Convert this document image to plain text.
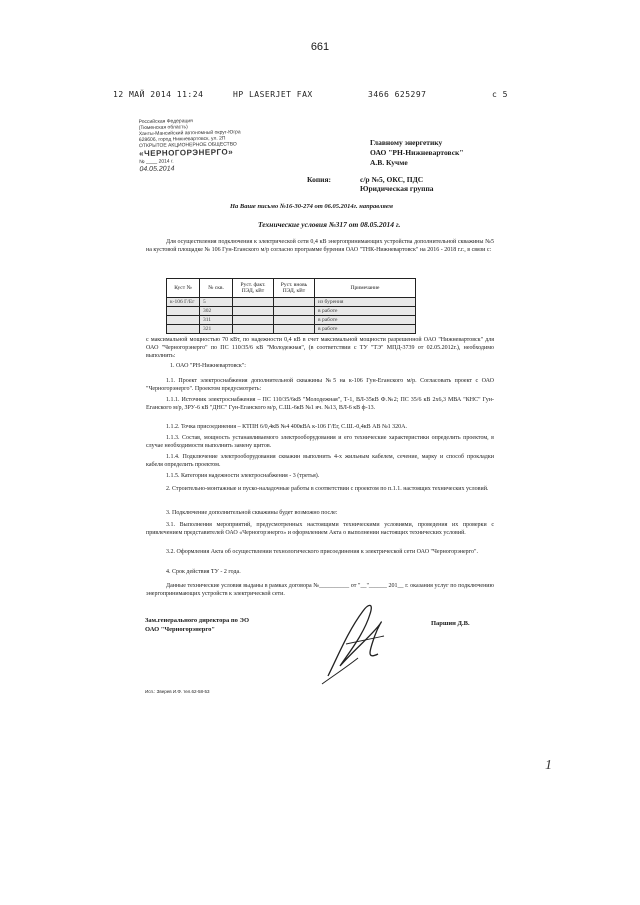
661
12 МАЙ 2014 11:24	HP LASERJET FAX	3466 625297	с 5
Российская Федерация
(Тюменская область)
Ханты-Мансийский автономный округ-Югра
628606, город Нижневартовск, ул. 2П
ОТКРЫТОЕ АКЦИОНЕРНОЕ ОБЩЕСТВО
«ЧЕРНОГОРЭНЕРГО»
№ ____ 2014 г.
04.05.2014
Главному энергетику
ОАО "РН-Нижневартовск"
А.В. Кучме
Копия:	с/р №5, ОКС, ПДС
Юридическая группа
На Ваше письмо №16-30-274 от 06.05.2014г. направляем
Технические условия №317 от 08.05.2014 г.
Для осуществления подключения к электрической сети 0,4 кВ энергопринимающих устройства дополнительной скважины №5 на кустовой площадке № 106 Гун-Еганского м/р согласно программе бурения ОАО "ТНК-Нижневартовск" на 2016 - 2018 г.г., в связи с:
Куст №	№ скв.	Руст. факт. ПЭД, кВт	Руст. вновь ПЭД, кВт	Примечание
к-106 Г/Ег	5			из бурения
	302			в работе
	311			в работе
	321			в работе
с максимальной мощностью 70 кВт, по надежности 0,4 кВ в счет максимальной мощности разрешенной ОАО "Нижневартовск" для ОАО "Черногорэнерго" по ПС 110/35/6 кВ "Молодежная", (в соответствии с ТУ "ТЭ" МПД-3739 от 02.05.2012г.), необходимо выполнить:
1. ОАО "РН-Нижневартовск":
1.1. Проект электроснабжения дополнительной скважины №5 на к-106 Гун-Еганского м/р. Согласовать проект с ОАО "Черногорэнерго". Проектом предусмотреть:
1.1.1. Источник электроснабжения – ПС 110/35/6кВ "Молодежная", Т-1, ВЛ-35кВ Ф.№2; ПС 35/6 кВ 2х6,3 МВА "КНС" Гун-Еганского м/р, ЗРУ-6 кВ "ДНС" Гун-Еганского м/р, С.Ш.-6кВ №1 яч. №13, ВЛ-6 кВ ф-13.
1.1.2. Точка присоединения – КТПН 6/0,4кВ №4 400кВА к-106 Г/Ег, С.Ш.-0,4кВ АВ №1 320А.
1.1.3. Состав, мощность устанавливаемого электрооборудования и его технические характеристики определить проектом, в случае необходимости выполнить замену щитов.
1.1.4. Подключение электрооборудования скважин выполнить 4-х жильным кабелем, сечение, марку и способ прокладки кабеля определить проектом.
1.1.5. Категория надежности электроснабжения - 3 (третья).
2. Строительно-монтажные и пуско-наладочные работы в соответствии с проектом по п.1.1. настоящих технических условий.
3. Подключение дополнительной скважины будет возможно после:
3.1. Выполнения мероприятий, предусмотренных настоящими техническими условиями, проведения их проверки с привлечением представителей ОАО «Черногорэнерго» и оформлением Акта о выполнении настоящих технических условий.
3.2. Оформления Акта об осуществлении технологического присоединения к электрической сети ОАО "Черногорэнерго".
4. Срок действия ТУ - 2 года.
Данные технические условия выданы в рамках договора №__________ от "__"______ 201__ г. оказания услуг по подключению энергопринимающих устройств к электрической сети.
Зам.генерального директора по ЭО
ОАО "Черногорэнерго"
Паршин Д.В.
Исп.: Зверев И.Ф. тел.62-58-53
1
